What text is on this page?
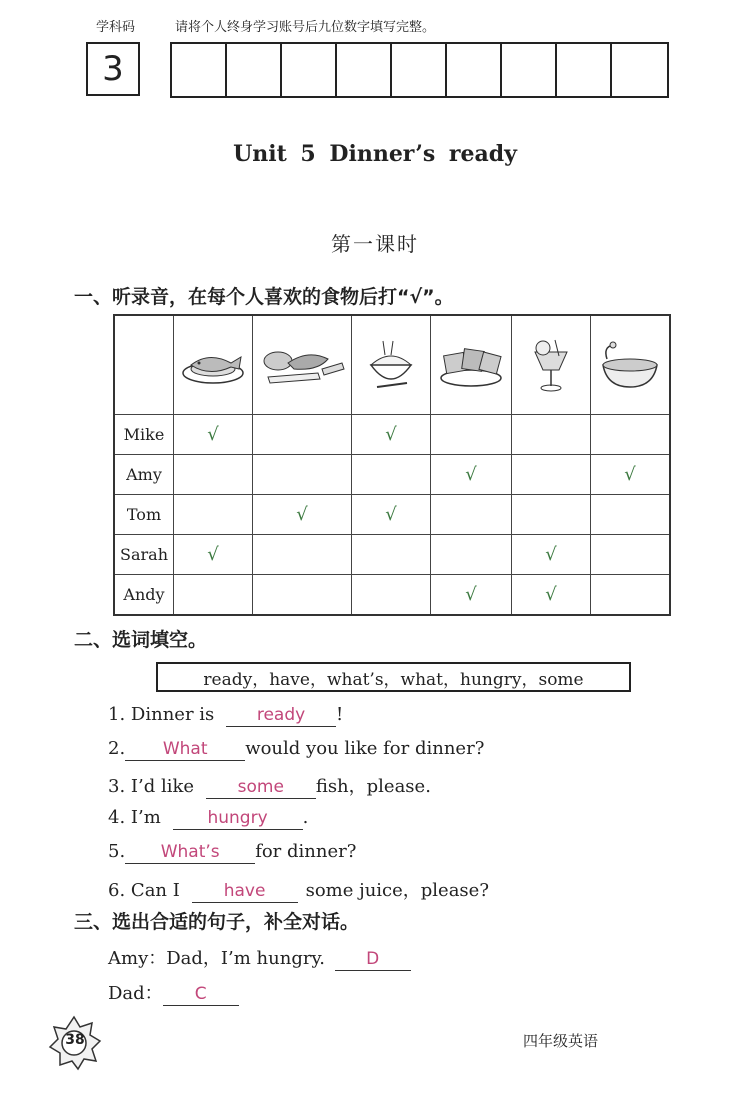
学科码	请将个人终身学习账号后九位数字填写完整。
3
Unit 5 Dinner’s ready
第一课时
一、听录音，在每个人喜欢的食物后打“√”。

Mike	√		√			
Amy				√		√
Tom		√	√			
Sarah	√				√	
Andy				√	√	
二、选词填空。
ready，have，what’s，what，hungry，some
1. Dinner is	ready !
2. What would you like for dinner?
3. I’d like	some fish，please.
4. I’m	hungry .
5. What’s for dinner?
6. Can I	have some juice，please?
三、选出合适的句子，补全对话。
Amy：Dad，I’m hungry. D
Dad： C
38	四年级英语
